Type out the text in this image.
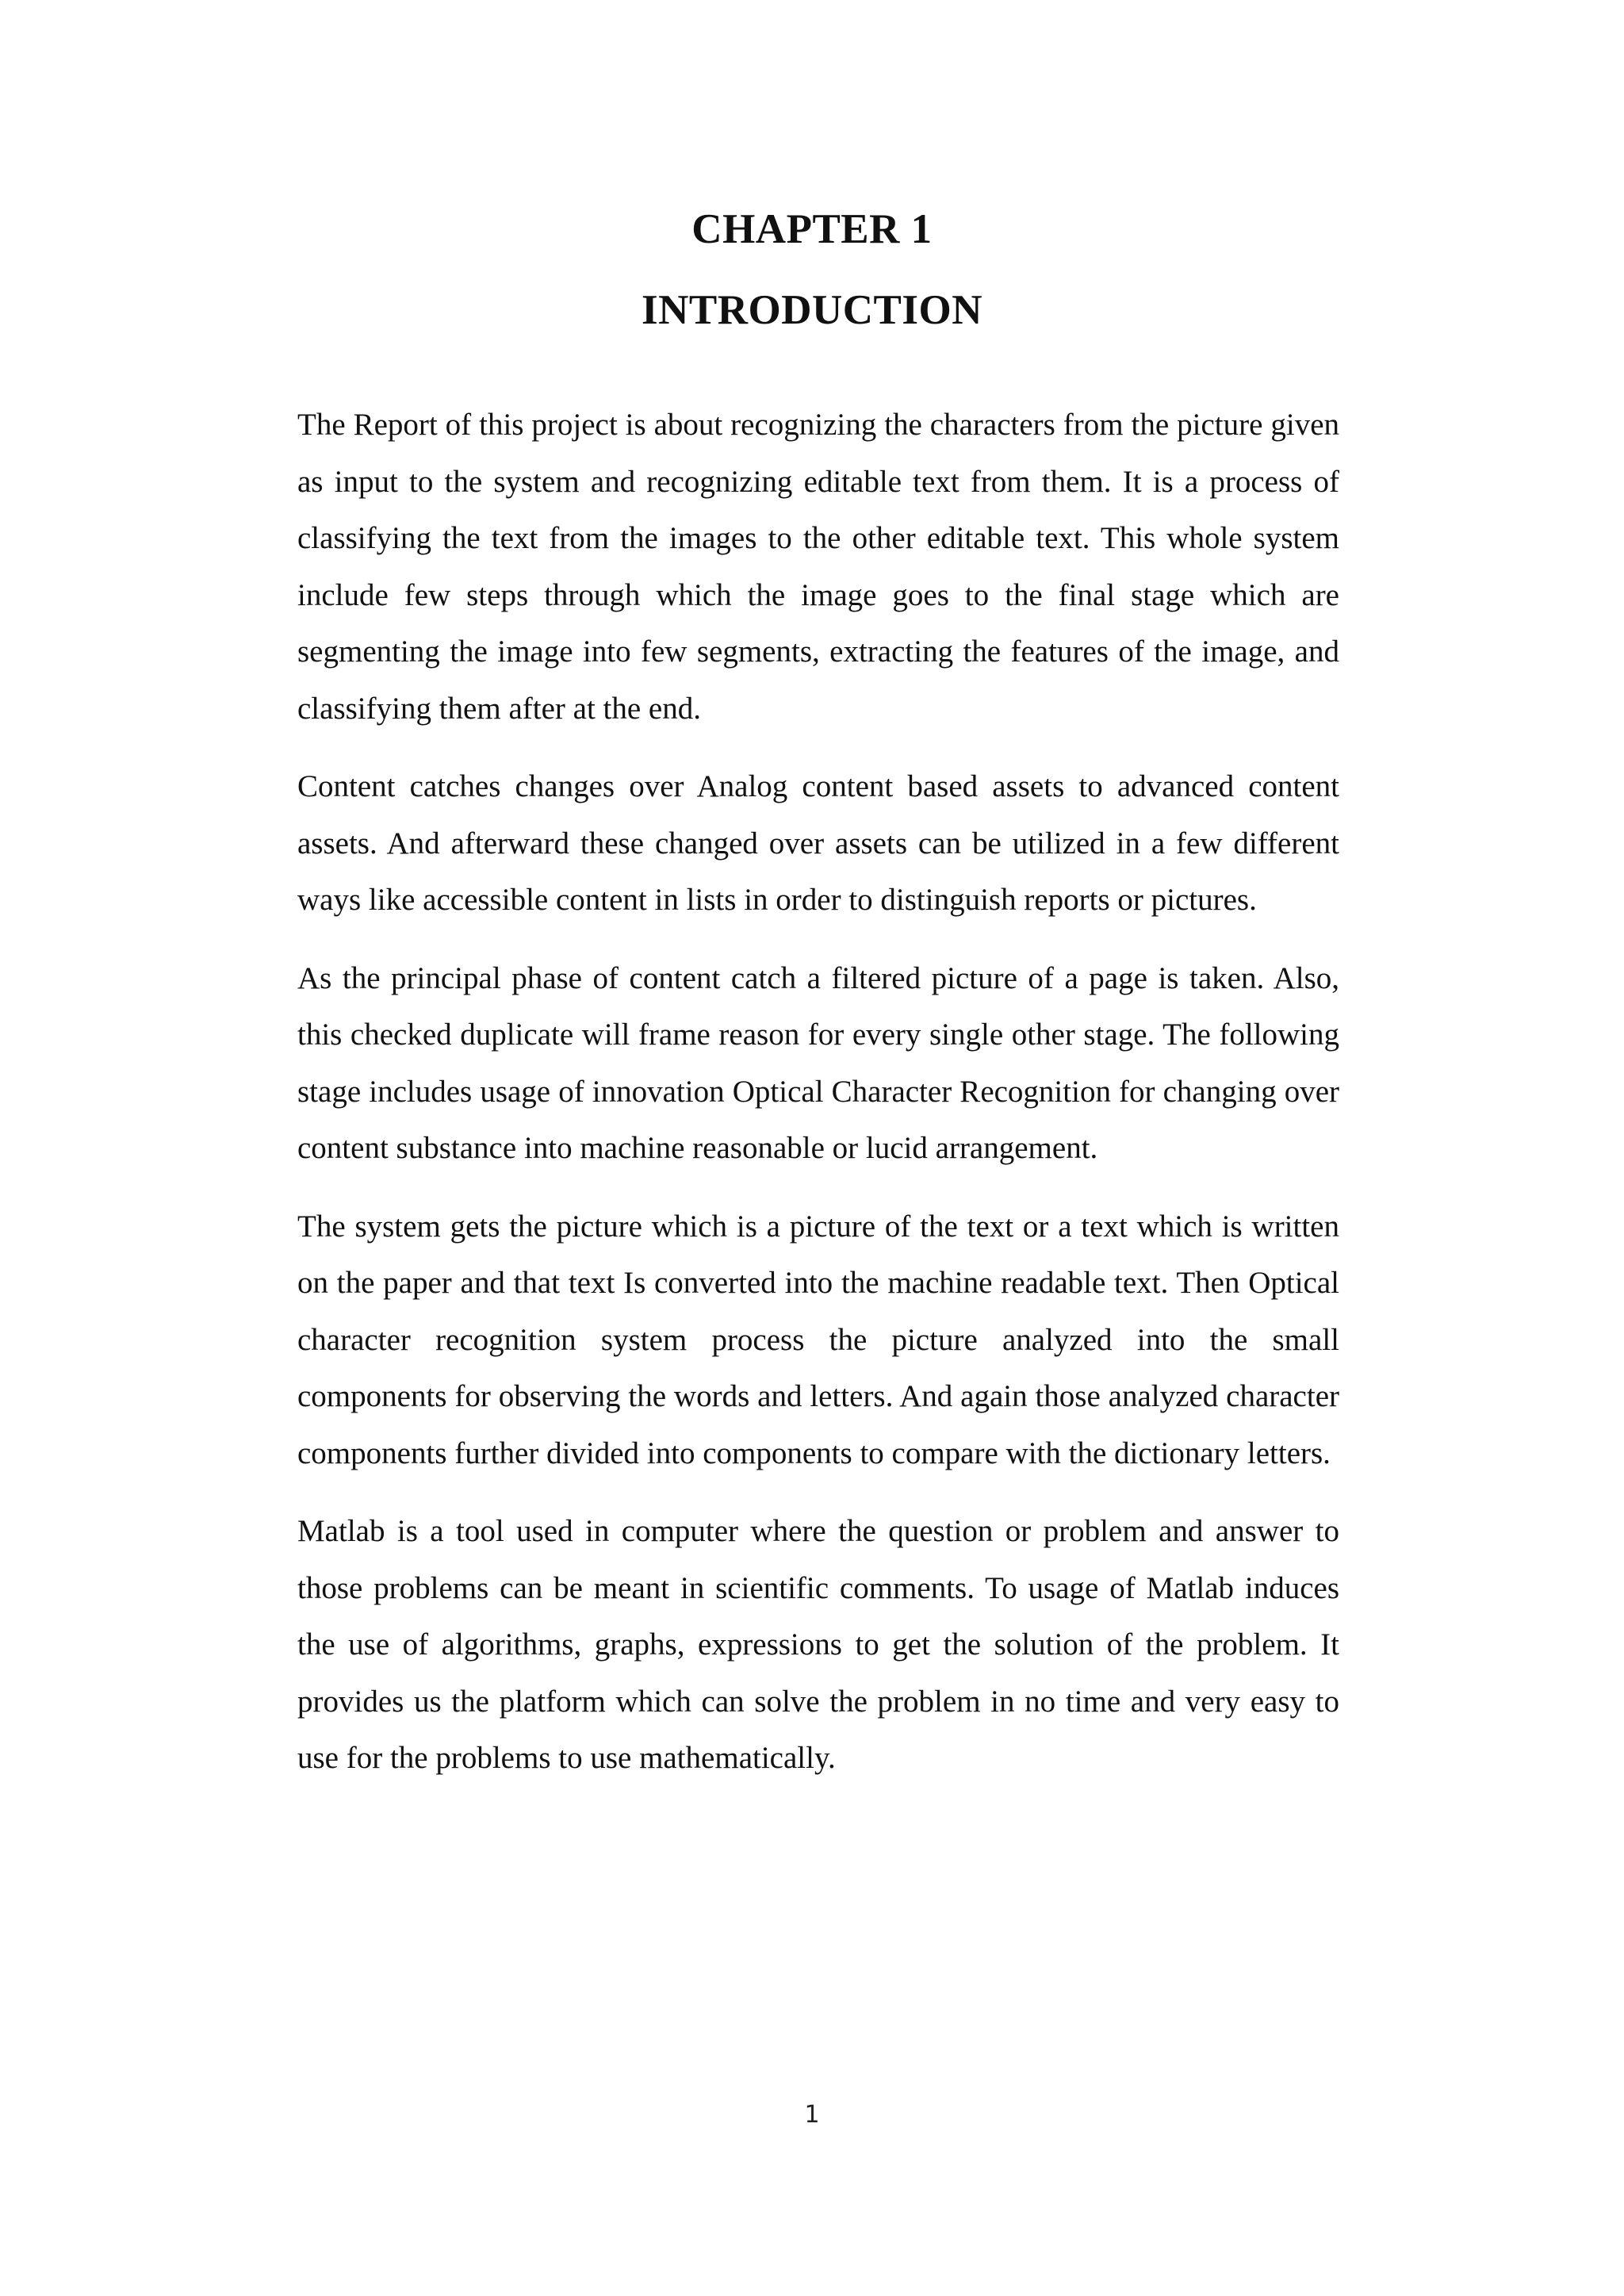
CHAPTER 1
INTRODUCTION

The Report of this project is about recognizing the characters from the picture given as input to the system and recognizing editable text from them. It is a process of classifying the text from the images to the other editable text. This whole system include few steps through which the image goes to the final stage which are segmenting the image into few segments, extracting the features of the image, and classifying them after at the end.

Content catches changes over Analog content based assets to advanced content assets. And afterward these changed over assets can be utilized in a few different ways like accessible content in lists in order to distinguish reports or pictures.

As the principal phase of content catch a filtered picture of a page is taken. Also, this checked duplicate will frame reason for every single other stage. The following stage includes usage of innovation Optical Character Recognition for changing over content substance into machine reasonable or lucid arrangement.

The system gets the picture which is a picture of the text or a text which is written on the paper and that text Is converted into the machine readable text. Then Optical character recognition system process the picture analyzed into the small components for observing the words and letters. And again those analyzed character components further divided into components to compare with the dictionary letters.

Matlab is a tool used in computer where the question or problem and answer to those problems can be meant in scientific comments. To usage of Matlab induces the use of algorithms, graphs, expressions to get the solution of the problem. It provides us the platform which can solve the problem in no time and very easy to use for the problems to use mathematically.

1
